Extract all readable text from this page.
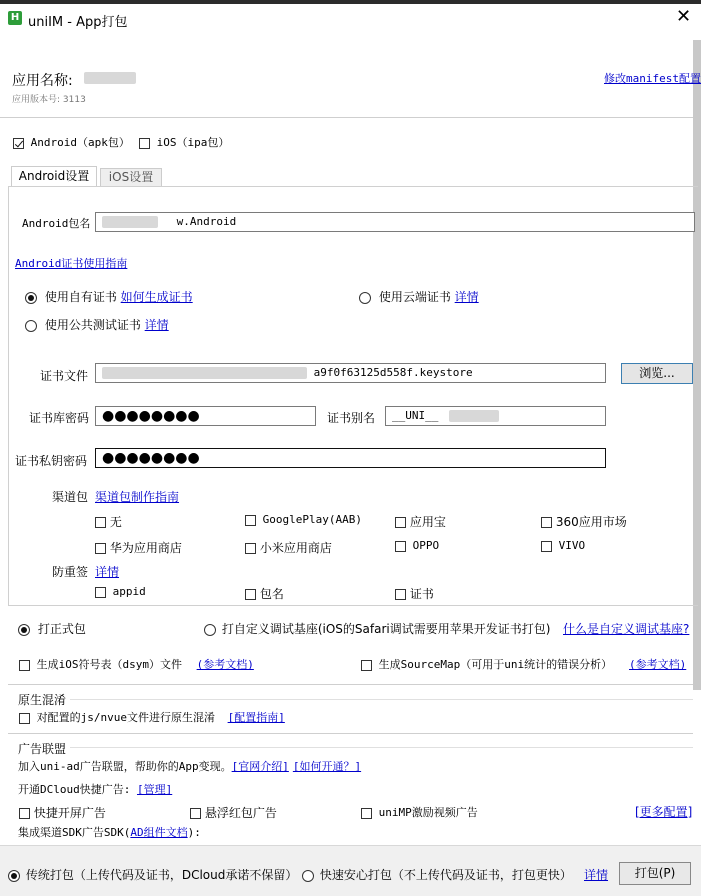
H uniIM - App打包	✕
应用名称:
应用版本号: 3113
修改manifest配置
Android（apk包）	iOS（ipa包）
Android设置	iOS设置
Android包名	w.Android
Android证书使用指南
使用自有证书 如何生成证书	使用云端证书 详情
使用公共测试证书 详情
证书文件	a9f0f63125d558f.keystore	浏览...
证书库密码 ●●●●●●●●	证书别名	__UNI__
证书私钥密码	●●●●●●●●
渠道包 渠道包制作指南
无	GooglePlay(AAB)	应用宝	360应用市场
华为应用商店	小米应用商店	OPPO	VIVO
防重签 详情
appid	包名	证书
打正式包	打自定义调试基座(iOS的Safari调试需要用苹果开发证书打包) 什么是自定义调试基座?
生成iOS符号表（dsym）文件 (参考文档)	生成SourceMap（可用于uni统计的错误分析） (参考文档)
原生混淆
对配置的js/nvue文件进行原生混淆 [配置指南]
广告联盟
加入uni-ad广告联盟，帮助你的App变现。[官网介绍] [如何开通？]
开通DCloud快捷广告: [管理]
快捷开屏广告	悬浮红包广告	uniMP激励视频广告	[更多配置]
集成渠道SDK广告SDK(AD组件文档):
传统打包（上传代码及证书，DCloud承诺不保留）	快速安心打包（不上传代码及证书，打包更快） 详情	打包(P)
